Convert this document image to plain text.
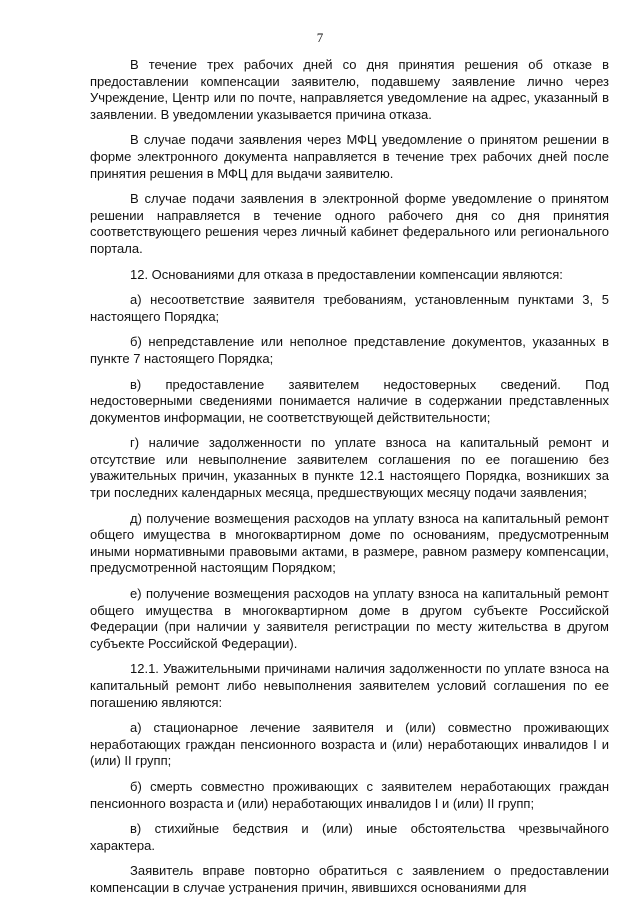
7

В течение трех рабочих дней со дня принятия решения об отказе в предоставлении компенсации заявителю, подавшему заявление лично через Учреждение, Центр или по почте, направляется уведомление на адрес, указанный в заявлении. В уведомлении указывается причина отказа.

В случае подачи заявления через МФЦ уведомление о принятом решении в форме электронного документа направляется в течение трех рабочих дней после принятия решения в МФЦ для выдачи заявителю.

В случае подачи заявления в электронной форме уведомление о принятом решении направляется в течение одного рабочего дня со дня принятия соответствующего решения через личный кабинет федерального или регионального портала.

12. Основаниями для отказа в предоставлении компенсации являются:

а) несоответствие заявителя требованиям, установленным пунктами 3, 5 настоящего Порядка;

б) непредставление или неполное представление документов, указанных в пункте 7 настоящего Порядка;

в) предоставление заявителем недостоверных сведений. Под недостоверными сведениями понимается наличие в содержании представленных документов информации, не соответствующей действительности;

г) наличие задолженности по уплате взноса на капитальный ремонт и отсутствие или невыполнение заявителем соглашения по ее погашению без уважительных причин, указанных в пункте 12.1 настоящего Порядка, возникших за три последних календарных месяца, предшествующих месяцу подачи заявления;

д) получение возмещения расходов на уплату взноса на капитальный ремонт общего имущества в многоквартирном доме по основаниям, предусмотренным иными нормативными правовыми актами, в размере, равном размеру компенсации, предусмотренной настоящим Порядком;

е) получение возмещения расходов на уплату взноса на капитальный ремонт общего имущества в многоквартирном доме в другом субъекте Российской Федерации (при наличии у заявителя регистрации по месту жительства в другом субъекте Российской Федерации).

12.1. Уважительными причинами наличия задолженности по уплате взноса на капитальный ремонт либо невыполнения заявителем условий соглашения по ее погашению являются:

а) стационарное лечение заявителя и (или) совместно проживающих неработающих граждан пенсионного возраста и (или) неработающих инвалидов I и (или) II групп;

б) смерть совместно проживающих с заявителем неработающих граждан пенсионного возраста и (или) неработающих инвалидов I и (или) II групп;

в) стихийные бедствия и (или) иные обстоятельства чрезвычайного характера.

Заявитель вправе повторно обратиться с заявлением о предоставлении компенсации в случае устранения причин, явившихся основаниями для
